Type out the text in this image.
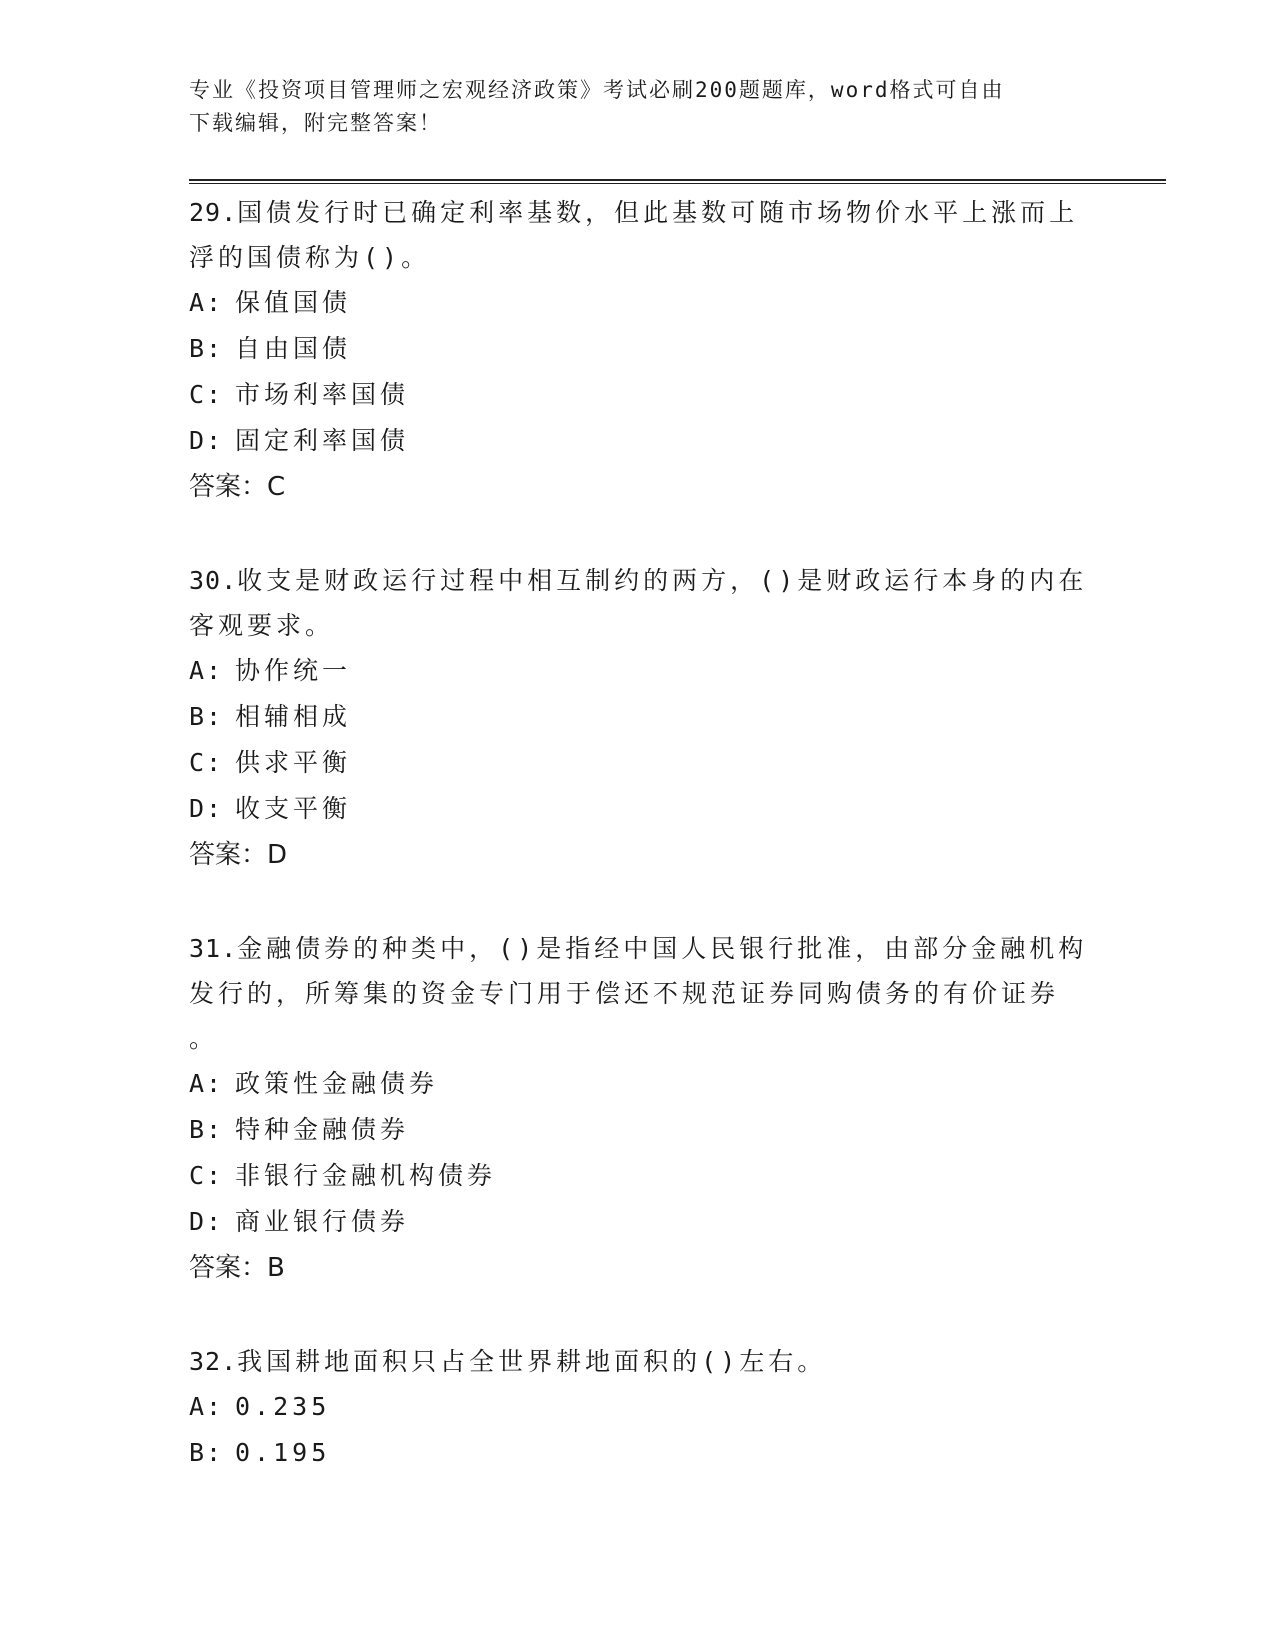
专业《投资项目管理师之宏观经济政策》考试必刷200题题库，word格式可自由
下载编辑，附完整答案！

29.国债发行时已确定利率基数，但此基数可随市场物价水平上涨而上

浮的国债称为()。

A: 保值国债
B: 自由国债
C: 市场利率国债
D: 固定利率国债

答案：C

30.收支是财政运行过程中相互制约的两方，()是财政运行本身的内在

客观要求。

A: 协作统一
B: 相辅相成
C: 供求平衡
D: 收支平衡

答案：D

31.金融债券的种类中，()是指经中国人民银行批准，由部分金融机构

发行的，所筹集的资金专门用于偿还不规范证券同购债务的有价证券

。

A: 政策性金融债券
B: 特种金融债券
C: 非银行金融机构债券
D: 商业银行债券

答案：B

32.我国耕地面积只占全世界耕地面积的()左右。

A: 0.235
B: 0.195
